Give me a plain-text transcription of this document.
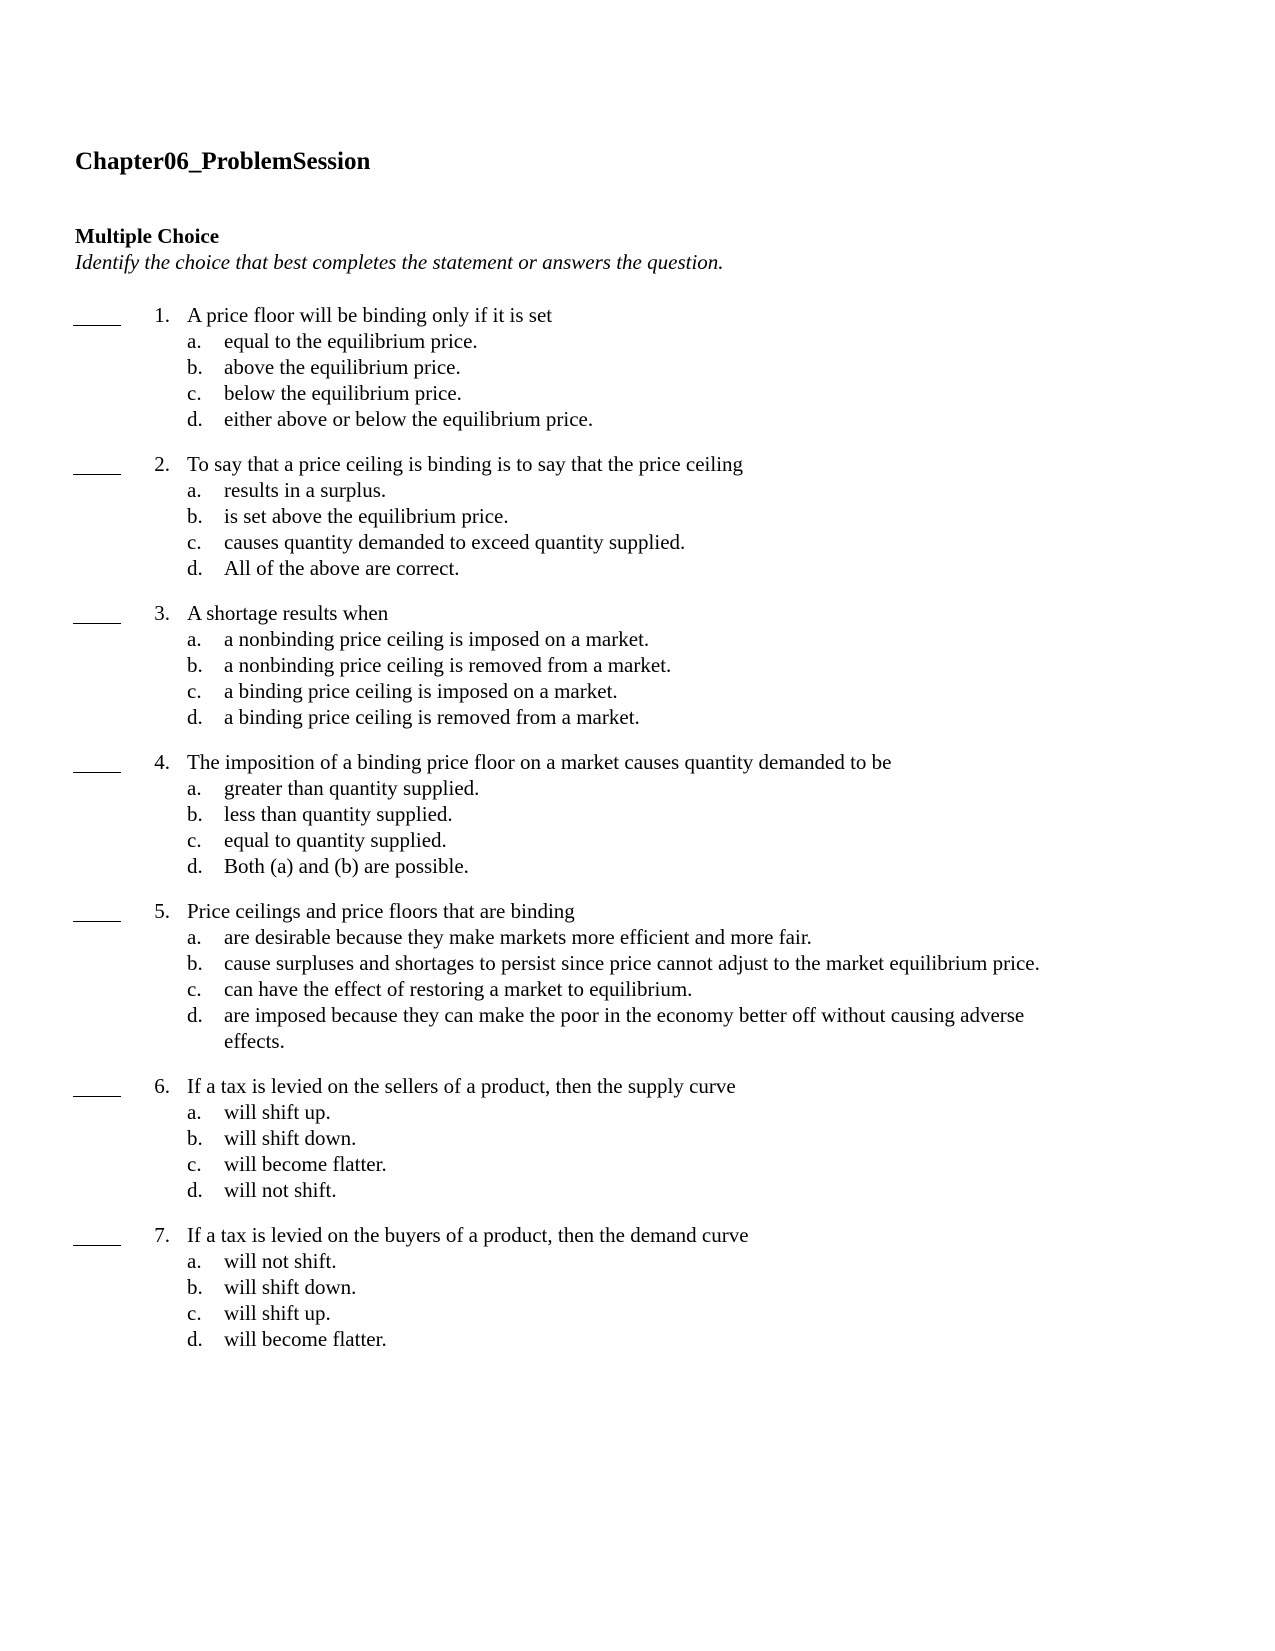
Chapter06_ProblemSession
Multiple Choice

Identify the choice that best completes the statement or answers the question.

1. A price floor will be binding only if it is set
a. equal to the equilibrium price.
b. above the equilibrium price.
c. below the equilibrium price.
d. either above or below the equilibrium price.
2. To say that a price ceiling is binding is to say that the price ceiling
a. results in a surplus.
b. is set above the equilibrium price.
c. causes quantity demanded to exceed quantity supplied.
d. All of the above are correct.
3. A shortage results when
a. a nonbinding price ceiling is imposed on a market.
b. a nonbinding price ceiling is removed from a market.
c. a binding price ceiling is imposed on a market.
d. a binding price ceiling is removed from a market.
4. The imposition of a binding price floor on a market causes quantity demanded to be
a. greater than quantity supplied.
b. less than quantity supplied.
c. equal to quantity supplied.
d. Both (a) and (b) are possible.
5. Price ceilings and price floors that are binding
a. are desirable because they make markets more efficient and more fair.
b. cause surpluses and shortages to persist since price cannot adjust to the market equilibrium price.
c. can have the effect of restoring a market to equilibrium.
d. are imposed because they can make the poor in the economy better off without causing adverse effects.
6. If a tax is levied on the sellers of a product, then the supply curve
a. will shift up.
b. will shift down.
c. will become flatter.
d. will not shift.
7. If a tax is levied on the buyers of a product, then the demand curve
a. will not shift.
b. will shift down.
c. will shift up.
d. will become flatter.
